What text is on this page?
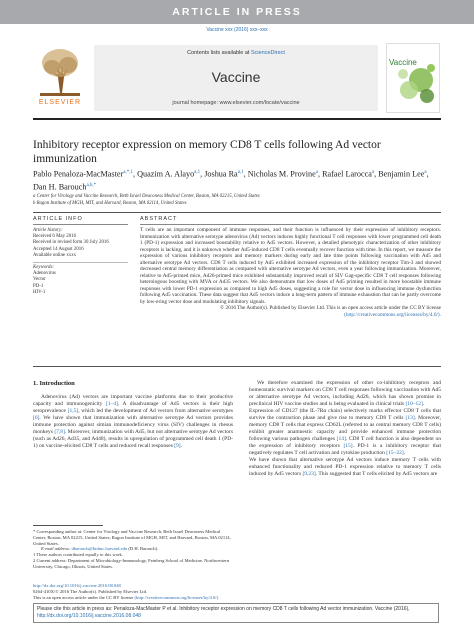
ARTICLE IN PRESS
Vaccine xxx (2016) xxx–xxx
ELSEVIER
Contents lists available at ScienceDirect
Vaccine
journal homepage: www.elsevier.com/locate/vaccine
Vaccine
Inhibitory receptor expression on memory CD8 T cells following Ad vector immunization
Pablo Penaloza-MacMaster$^{a,*,1}$, Quazim A. Alayo$^{a,1}$, Joshua Ra$^{a,1}$, Nicholas M. Provine$^a$, Rafael Larocca$^a$, Benjamin Lee$^a$, Dan H. Barouch$^{a,b,*}$
a Center for Virology and Vaccine Research, Beth Israel Deaconess Medical Center, Boston, MA 02215, United States
b Ragon Institute of MGH, MIT, and Harvard, Boston, MA 02114, United States
ARTICLE INFO
Article history:
Received 6 May 2016
Received in revised form 30 July 2016
Accepted 14 August 2016
Available online xxxx
Keywords:
Adenovirus
Vector
PD-1
HIV-1
ABSTRACT
T cells are an important component of immune responses, and their function is influenced by their expression of inhibitory receptors. Immunization with alternative serotype adenovirus (Ad) vectors induces highly functional T cell responses with lower programmed cell death 1 (PD-1) expression and increased boostability relative to Ad5 vectors. However, a detailed phenotypic characterization of other inhibitory receptors is lacking, and it is unknown whether Ad5-induced CD8 T cells eventually recover function with time. In this report, we measure the expression of various inhibitory receptors and memory markers during early and late time points following vaccination with Ad5 and alternative serotype Ad vectors. CD8 T cells induced by Ad5 exhibited increased expression of the inhibitory receptor Tim-3 and showed decreased central memory differentiation as compared with alternative serotype Ad vectors, even a year following immunization. Moreover, relative to Ad5-primed mice, Ad26-primed mice exhibited substantially improved recall of SIV Gag-specific CD8 T cell responses following heterologous boosting with MVA or Ad35 vectors. We also demonstrate that low doses of Ad5 priming resulted in more boostable immune responses with lower PD-1 expression as compared to high Ad5 doses, suggesting a role for vector dose in influencing immune dysfunction following Ad5 vaccination. These data suggest that Ad5 vectors induce a long-term pattern of immune exhaustion that can be partly overcome by low-ering vector dose and modulating inhibitory signals.
© 2016 The Author(s). Published by Elsevier Ltd. This is an open access article under the CC BY license (http://creativecommons.org/licenses/by/4.0/).
1. Introduction
Adenovirus (Ad) vectors are important vaccine platforms due to their productive capacity and immunogenicity [1–4]. A disadvantage of Ad5 vectors is their high seroprevalence [1,5], which led the development of Ad vectors from alternative serotypes [6]. We have shown that immunization with alternative serotype Ad vectors provides immune protection against simian immunodeficiency virus (SIV) challenges in rhesus monkeys [7,8]. Moreover, immunization with Ad5, but not alternative serotype Ad vectors (such as Ad26, Ad35, and Ad48), results in upregulation of programmed cell death 1 (PD-1) on vaccine-elicited CD8 T cells and reduced recall responses [9].
We therefore examined the expression of other co-inhibitory receptors and homeostatic survival markers on CD8 T cell responses following vaccination with Ad5 or alternative serotype Ad vectors, including Ad26, which has shown promise in preclinical HIV vaccine studies and is being evaluated in clinical trials [10–12].
Expression of CD127 (the IL-7Rα chain) selectively marks effector CD8 T cells that survive the contraction phase and give rise to memory CD8 T cells [13]. Moreover, memory CD8 T cells that express CD62L (referred to as central memory CD8 T cells) exhibit greater anamnestic capacity and provide enhanced immune protection following various pathogen challenges [14]. CD8 T cell function is also dependent on the expression of inhibitory receptors [15]. PD-1 is a inhibitory receptor that negatively regulates T cell activation and cytokine production [15–22].
We have shown that alternative serotype Ad vectors induce memory T cells with enhanced functionality and reduced PD-1 expression relative to memory T cells induced by Ad5 vectors [9,23]. This suggested that T cells elicited by Ad5 vectors are
* Corresponding author at: Center for Virology and Vaccine Research, Beth Israel Deaconess Medical Center, Boston, MA 02215, United States; Ragon Institute of MGH, MIT, and Harvard, Boston, MA 02114, United States.
E-mail address: dbarouch@bidmc.harvard.edu (D.H. Barouch).
1 These authors contributed equally to this work.
2 Current address: Department of Microbiology-Immunology, Feinberg School of Medicine, Northwestern University, Chicago, Illinois, United States.
http://dx.doi.org/10.1016/j.vaccine.2016.08.048
0264-410X/© 2016 The Author(s). Published by Elsevier Ltd.
This is an open access article under the CC BY license (http://creativecommons.org/licenses/by/4.0/).
Please cite this article in press as: Penaloza-MacMaster P et al. Inhibitory receptor expression on memory CD8 T cells following Ad vector immunization. Vaccine (2016), http://dx.doi.org/10.1016/j.vaccine.2016.08.048
